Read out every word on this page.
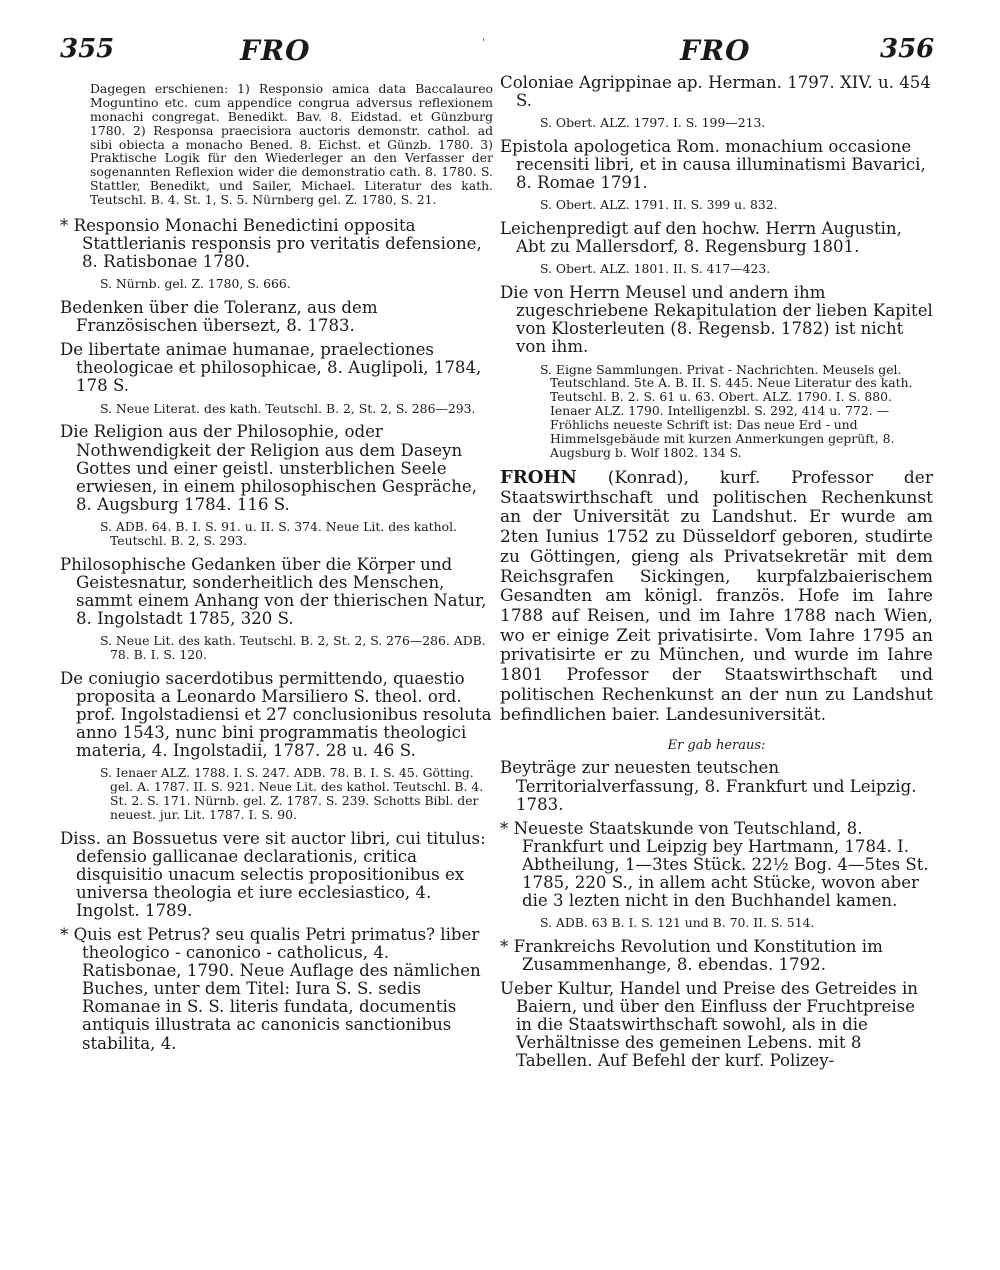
'
355	FRO	FRO	356
Dagegen erschienen: 1) Responsio amica data Baccalaureo Moguntino etc. cum appendice congrua adversus reflexionem monachi congregat. Benedikt. Bav. 8. Eidstad. et Günzburg 1780. 2) Responsa praecisiora auctoris demonstr. cathol. ad sibi obiecta a monacho Bened. 8. Eichst. et Günzb. 1780. 3) Praktische Logik für den Wiederleger an den Verfasser der sogenannten Reflexion wider die demonstratio cath. 8. 1780. S. Stattler, Benedikt, und Sailer, Michael. Literatur des kath. Teutschl. B. 4. St. 1, S. 5. Nürnberg gel. Z. 1780, S. 21.
* Responsio Monachi Benedictini opposita Stattlerianis responsis pro veritatis defensione, 8. Ratisbonae 1780.
S. Nürnb. gel. Z. 1780, S. 666.
Bedenken über die Toleranz, aus dem Französischen übersezt, 8. 1783.
De libertate animae humanae, praelectiones theologicae et philosophicae, 8. Auglipoli, 1784, 178 S.
S. Neue Literat. des kath. Teutschl. B. 2, St. 2, S. 286—293.
Die Religion aus der Philosophie, oder Nothwendigkeit der Religion aus dem Daseyn Gottes und einer geistl. unsterblichen Seele erwiesen, in einem philosophischen Gespräche, 8. Augsburg 1784. 116 S.
S. ADB. 64. B. I. S. 91. u. II. S. 374. Neue Lit. des kathol. Teutschl. B. 2, S. 293.
Philosophische Gedanken über die Körper und Geistesnatur, sonderheitlich des Menschen, sammt einem Anhang von der thierischen Natur, 8. Ingolstadt 1785, 320 S.
S. Neue Lit. des kath. Teutschl. B. 2, St. 2, S. 276—286. ADB. 78. B. I. S. 120.
De coniugio sacerdotibus permittendo, quaestio proposita a Leonardo Marsiliero S. theol. ord. prof. Ingolstadiensi et 27 conclusionibus resoluta anno 1543, nunc bini programmatis theologici materia, 4. Ingolstadii, 1787. 28 u. 46 S.
S. Ienaer ALZ. 1788. I. S. 247. ADB. 78. B. I. S. 45. Götting. gel. A. 1787. II. S. 921. Neue Lit. des kathol. Teutschl. B. 4. St. 2. S. 171. Nürnb. gel. Z. 1787. S. 239. Schotts Bibl. der neuest. jur. Lit. 1787. I. S. 90.
Diss. an Bossuetus vere sit auctor libri, cui titulus: defensio gallicanae declarationis, critica disquisitio unacum selectis propositionibus ex universa theologia et iure ecclesiastico, 4. Ingolst. 1789.
* Quis est Petrus? seu qualis Petri primatus? liber theologico - canonico - catholicus, 4. Ratisbonae, 1790. Neue Auflage des nämlichen Buches, unter dem Titel: Iura S. S. sedis Romanae in S. S. literis fundata, documentis antiquis illustrata ac canonicis sanctionibus stabilita, 4.
Coloniae Agrippinae ap. Herman. 1797. XIV. u. 454 S.
S. Obert. ALZ. 1797. I. S. 199—213.
Epistola apologetica Rom. monachium occasione recensiti libri, et in causa illuminatismi Bavarici, 8. Romae 1791.
S. Obert. ALZ. 1791. II. S. 399 u. 832.
Leichenpredigt auf den hochw. Herrn Augustin, Abt zu Mallersdorf, 8. Regensburg 1801.
S. Obert. ALZ. 1801. II. S. 417—423.
Die von Herrn Meusel und andern ihm zugeschriebene Rekapitulation der lieben Kapitel von Klosterleuten (8. Regensb. 1782) ist nicht von ihm.
S. Eigne Sammlungen. Privat - Nachrichten. Meusels gel. Teutschland. 5te A. B. II. S. 445. Neue Literatur des kath. Teutschl. B. 2. S. 61 u. 63. Obert. ALZ. 1790. I. S. 880. Ienaer ALZ. 1790. Intelligenzbl. S. 292, 414 u. 772. — Fröhlichs neueste Schrift ist: Das neue Erd - und Himmelsgebäude mit kurzen Anmerkungen geprüft, 8. Augsburg b. Wolf 1802. 134 S.
FROHN (Konrad), kurf. Professor der Staatswirthschaft und politischen Rechenkunst an der Universität zu Landshut. Er wurde am 2ten Iunius 1752 zu Düsseldorf geboren, studirte zu Göttingen, gieng als Privatsekretär mit dem Reichsgrafen Sickingen, kurpfalzbaierischem Gesandten am königl. französ. Hofe im Iahre 1788 auf Reisen, und im Iahre 1788 nach Wien, wo er einige Zeit privatisirte. Vom Iahre 1795 an privatisirte er zu München, und wurde im Iahre 1801 Professor der Staatswirthschaft und politischen Rechenkunst an der nun zu Landshut befindlichen baier. Landesuniversität.
Er gab heraus:
Beyträge zur neuesten teutschen Territorialverfassung, 8. Frankfurt und Leipzig. 1783.
* Neueste Staatskunde von Teutschland, 8. Frankfurt und Leipzig bey Hartmann, 1784. I. Abtheilung, 1—3tes Stück. 22½ Bog. 4—5tes St. 1785, 220 S., in allem acht Stücke, wovon aber die 3 lezten nicht in den Buchhandel kamen.
S. ADB. 63 B. I. S. 121 und B. 70. II. S. 514.
* Frankreichs Revolution und Konstitution im Zusammenhange, 8. ebendas. 1792.
Ueber Kultur, Handel und Preise des Getreides in Baiern, und über den Einfluss der Fruchtpreise in die Staatswirthschaft sowohl, als in die Verhältnisse des gemeinen Lebens. mit 8 Tabellen. Auf Befehl der kurf. Polizey-
